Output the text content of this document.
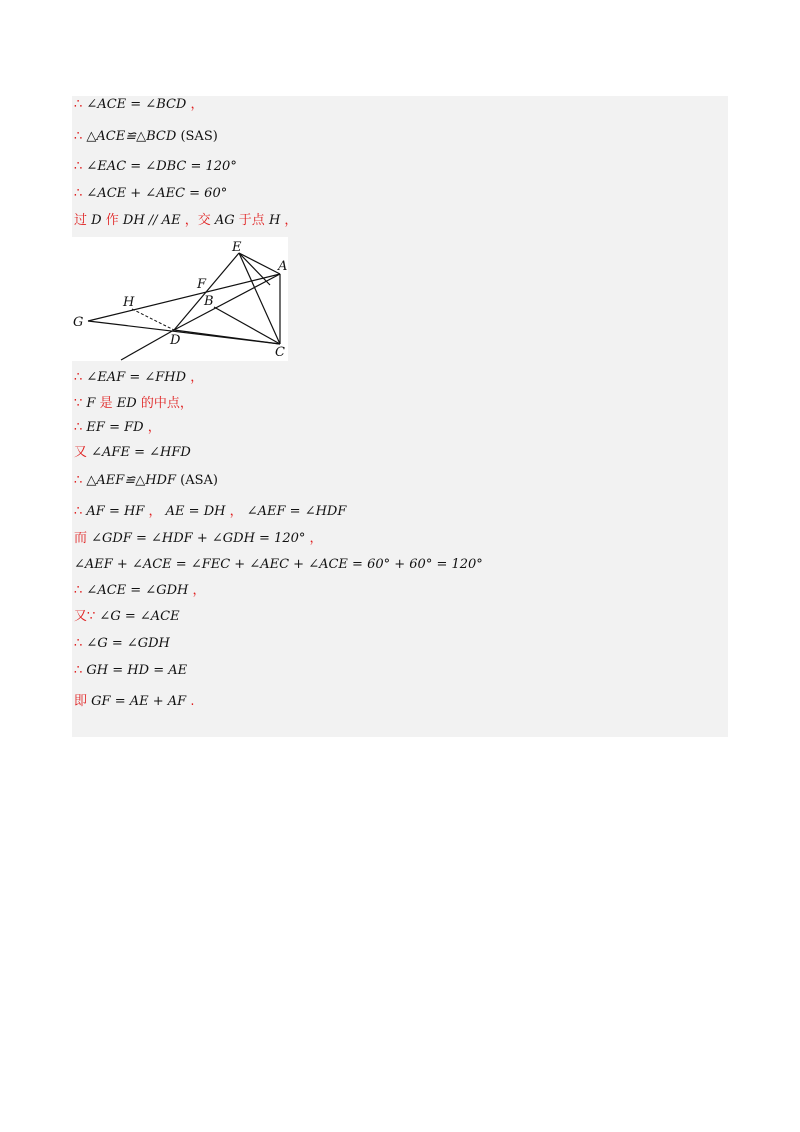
∴ ∠ACE = ∠BCD ，
∴ △ACE≌△BCD (SAS)
∴ ∠EAC = ∠DBC = 120°
∴ ∠ACE + ∠AEC = 60°
过 D 作 DH // AE ，交 AG 于点 H ，
E
A
F
H	B
G
D
C
∴ ∠EAF = ∠FHD ，
∵ F 是 ED 的中点，
∴ EF = FD ，
又 ∠AFE = ∠HFD
∴ △AEF≌△HDF (ASA)
∴ AF = HF ， AE = DH ， ∠AEF = ∠HDF
而 ∠GDF = ∠HDF + ∠GDH = 120° ，
∠AEF + ∠ACE = ∠FEC + ∠AEC + ∠ACE = 60° + 60° = 120°
∴ ∠ACE = ∠GDH ，
又∵ ∠G = ∠ACE
∴ ∠G = ∠GDH
∴ GH = HD = AE
即 GF = AE + AF .
